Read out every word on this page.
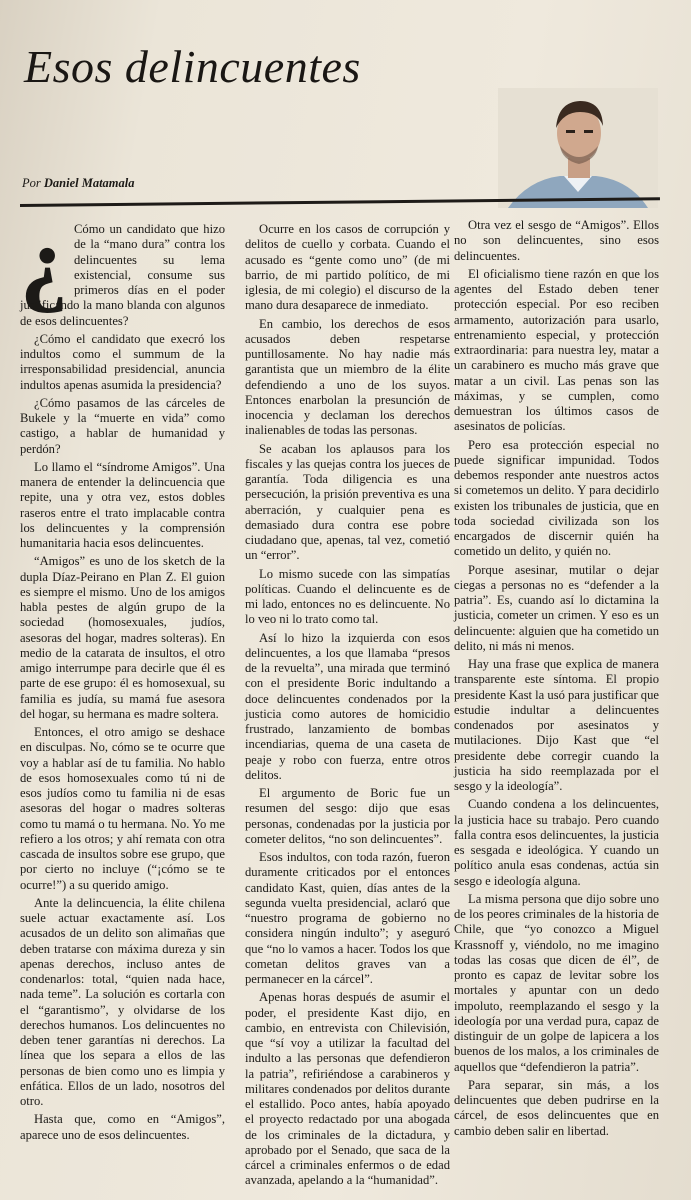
Esos delincuentes
Por Daniel Matamala
¿ Cómo un candidato que hizo de la “mano dura” contra los delincuentes su lema existencial, consume sus primeros días en el poder justificando la mano blanda con algunos de esos delincuentes?

¿Cómo el candidato que execró los indultos como el summum de la irresponsabilidad presidencial, anuncia indultos apenas asumida la presidencia?

¿Cómo pasamos de las cárceles de Bukele y la “muerte en vida” como castigo, a hablar de humanidad y perdón?

Lo llamo el “síndrome Amigos”. Una manera de entender la delincuencia que repite, una y otra vez, estos dobles raseros entre el trato implacable contra los delincuentes y la comprensión humanitaria hacia esos delincuentes.

“Amigos” es uno de los sketch de la dupla Díaz-Peirano en Plan Z. El guion es siempre el mismo. Uno de los amigos habla pestes de algún grupo de la sociedad (homosexuales, judíos, asesoras del hogar, madres solteras). En medio de la catarata de insultos, el otro amigo interrumpe para decirle que él es parte de ese grupo: él es homosexual, su familia es judía, su mamá fue asesora del hogar, su hermana es madre soltera.

Entonces, el otro amigo se deshace en disculpas. No, cómo se te ocurre que voy a hablar así de tu familia. No hablo de esos homosexuales como tú ni de esos judíos como tu familia ni de esas asesoras del hogar o madres solteras como tu mamá o tu hermana. No. Yo me refiero a los otros; y ahí remata con otra cascada de insultos sobre ese grupo, que por cierto no incluye (“¡cómo se te ocurre!”) a su querido amigo.

Ante la delincuencia, la élite chilena suele actuar exactamente así. Los acusados de un delito son alimañas que deben tratarse con máxima dureza y sin apenas derechos, incluso antes de condenarlos: total, “quien nada hace, nada teme”. La solución es cortarla con el “garantismo”, y olvidarse de los derechos humanos. Los delincuentes no deben tener garantías ni derechos. La línea que los separa a ellos de las personas de bien como uno es limpia y enfática. Ellos de un lado, nosotros del otro.

Hasta que, como en “Amigos”, aparece uno de esos delincuentes.

Ocurre en los casos de corrupción y delitos de cuello y corbata. Cuando el acusado es “gente como uno” (de mi barrio, de mi partido político, de mi iglesia, de mi colegio) el discurso de la mano dura desaparece de inmediato.

En cambio, los derechos de esos acusados deben respetarse puntillosamente. No hay nadie más garantista que un miembro de la élite defendiendo a uno de los suyos. Entonces enarbolan la presunción de inocencia y declaman los derechos inalienables de todas las personas.

Se acaban los aplausos para los fiscales y las quejas contra los jueces de garantía. Toda diligencia es una persecución, la prisión preventiva es una aberración, y cualquier pena es demasiado dura contra ese pobre ciudadano que, apenas, tal vez, cometió un “error”.

Lo mismo sucede con las simpatías políticas. Cuando el delincuente es de mi lado, entonces no es delincuente. No lo veo ni lo trato como tal.

Así lo hizo la izquierda con esos delincuentes, a los que llamaba “presos de la revuelta”, una mirada que terminó con el presidente Boric indultando a doce delincuentes condenados por la justicia como autores de homicidio frustrado, lanzamiento de bombas incendiarias, quema de una caseta de peaje y robo con fuerza, entre otros delitos.

El argumento de Boric fue un resumen del sesgo: dijo que esas personas, condenadas por la justicia por cometer delitos, “no son delincuentes”.

Esos indultos, con toda razón, fueron duramente criticados por el entonces candidato Kast, quien, días antes de la segunda vuelta presidencial, aclaró que “nuestro programa de gobierno no considera ningún indulto”; y aseguró que “no lo vamos a hacer. Todos los que cometan delitos graves van a permanecer en la cárcel”.

Apenas horas después de asumir el poder, el presidente Kast dijo, en cambio, en entrevista con Chilevisión, que “sí voy a utilizar la facultad del indulto a las personas que defendieron la patria”, refiriéndose a carabineros y militares condenados por delitos durante el estallido. Poco antes, había apoyado el proyecto redactado por una abogada de los criminales de la dictadura, y aprobado por el Senado, que saca de la cárcel a criminales enfermos o de edad avanzada, apelando a la “humanidad”.

Otra vez el sesgo de “Amigos”. Ellos no son delincuentes, sino esos delincuentes.

El oficialismo tiene razón en que los agentes del Estado deben tener protección especial. Por eso reciben armamento, autorización para usarlo, entrenamiento especial, y protección extraordinaria: para nuestra ley, matar a un carabinero es mucho más grave que matar a un civil. Las penas son las máximas, y se cumplen, como demuestran los últimos casos de asesinatos de policías.

Pero esa protección especial no puede significar impunidad. Todos debemos responder ante nuestros actos si cometemos un delito. Y para decidirlo existen los tribunales de justicia, que en toda sociedad civilizada son los encargados de discernir quién ha cometido un delito, y quién no.

Porque asesinar, mutilar o dejar ciegas a personas no es “defender a la patria”. Es, cuando así lo dictamina la justicia, cometer un crimen. Y eso es un delincuente: alguien que ha cometido un delito, ni más ni menos.

Hay una frase que explica de manera transparente este síntoma. El propio presidente Kast la usó para justificar que estudie indultar a delincuentes condenados por asesinatos y mutilaciones. Dijo Kast que “el presidente debe corregir cuando la justicia ha sido reemplazada por el sesgo y la ideología”.

Cuando condena a los delincuentes, la justicia hace su trabajo. Pero cuando falla contra esos delincuentes, la justicia es sesgada e ideológica. Y cuando un político anula esas condenas, actúa sin sesgo e ideología alguna.

La misma persona que dijo sobre uno de los peores criminales de la historia de Chile, que “yo conozco a Miguel Krassnoff y, viéndolo, no me imagino todas las cosas que dicen de él”, de pronto es capaz de levitar sobre los mortales y apuntar con un dedo impoluto, reemplazando el sesgo y la ideología por una verdad pura, capaz de distinguir de un golpe de lapicera a los buenos de los malos, a los criminales de aquellos que “defendieron la patria”.

Para separar, sin más, a los delincuentes que deben pudrirse en la cárcel, de esos delincuentes que en cambio deben salir en libertad.
